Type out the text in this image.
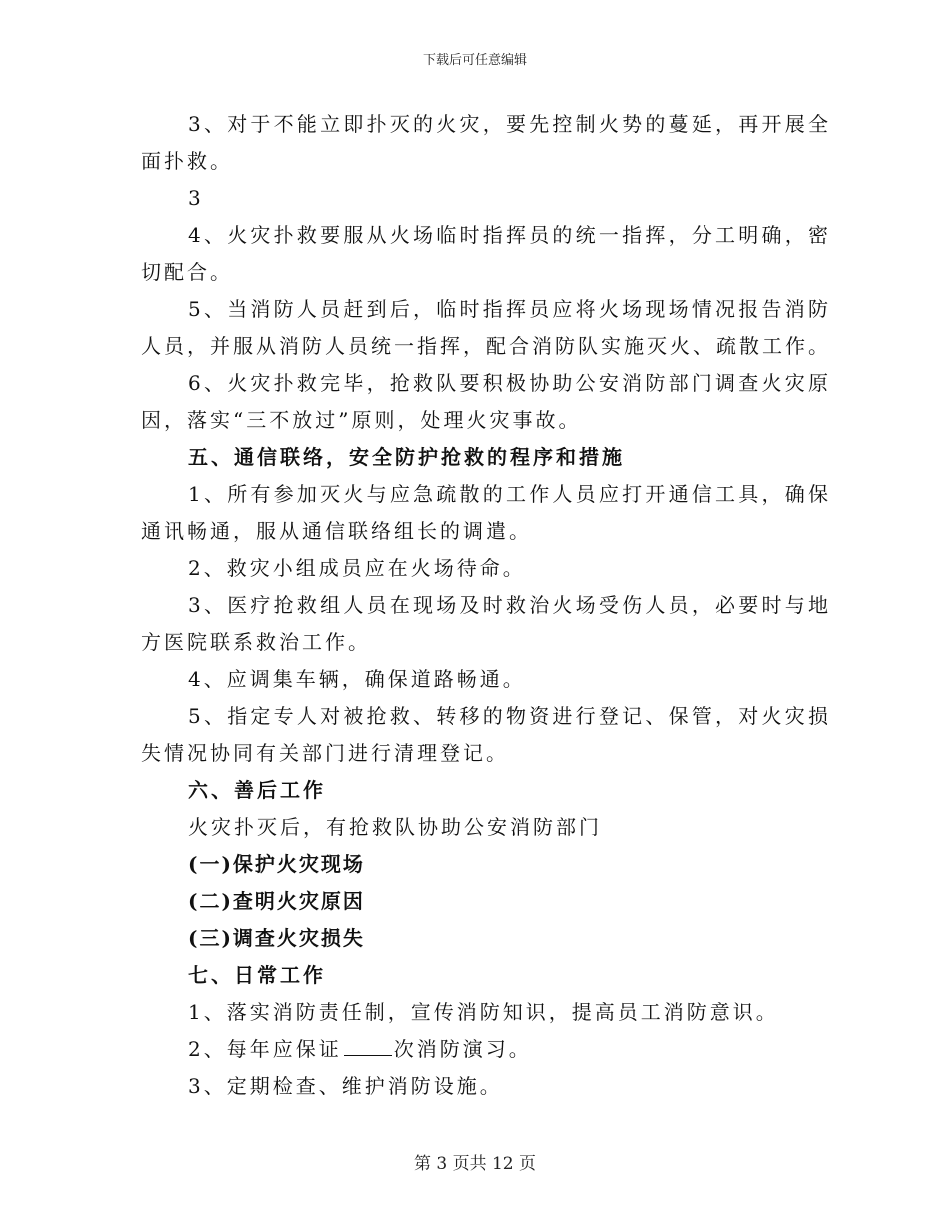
下载后可任意编辑

3、对于不能立即扑灭的火灾，要先控制火势的蔓延，再开展全面扑救。

3

4、火灾扑救要服从火场临时指挥员的统一指挥，分工明确，密切配合。

5、当消防人员赶到后，临时指挥员应将火场现场情况报告消防人员，并服从消防人员统一指挥，配合消防队实施灭火、疏散工作。

6、火灾扑救完毕，抢救队要积极协助公安消防部门调查火灾原因，落实“三不放过”原则，处理火灾事故。

五、通信联络，安全防护抢救的程序和措施

1、所有参加灭火与应急疏散的工作人员应打开通信工具，确保通讯畅通，服从通信联络组长的调遣。

2、救灾小组成员应在火场待命。

3、医疗抢救组人员在现场及时救治火场受伤人员，必要时与地方医院联系救治工作。

4、应调集车辆，确保道路畅通。

5、指定专人对被抢救、转移的物资进行登记、保管，对火灾损失情况协同有关部门进行清理登记。

六、善后工作

火灾扑灭后，有抢救队协助公安消防部门

(一)保护火灾现场

(二)查明火灾原因

(三)调查火灾损失

七、日常工作

1、落实消防责任制，宣传消防知识，提高员工消防意识。

2、每年应保证	次消防演习。

3、定期检查、维护消防设施。

第 3 页共 12 页
